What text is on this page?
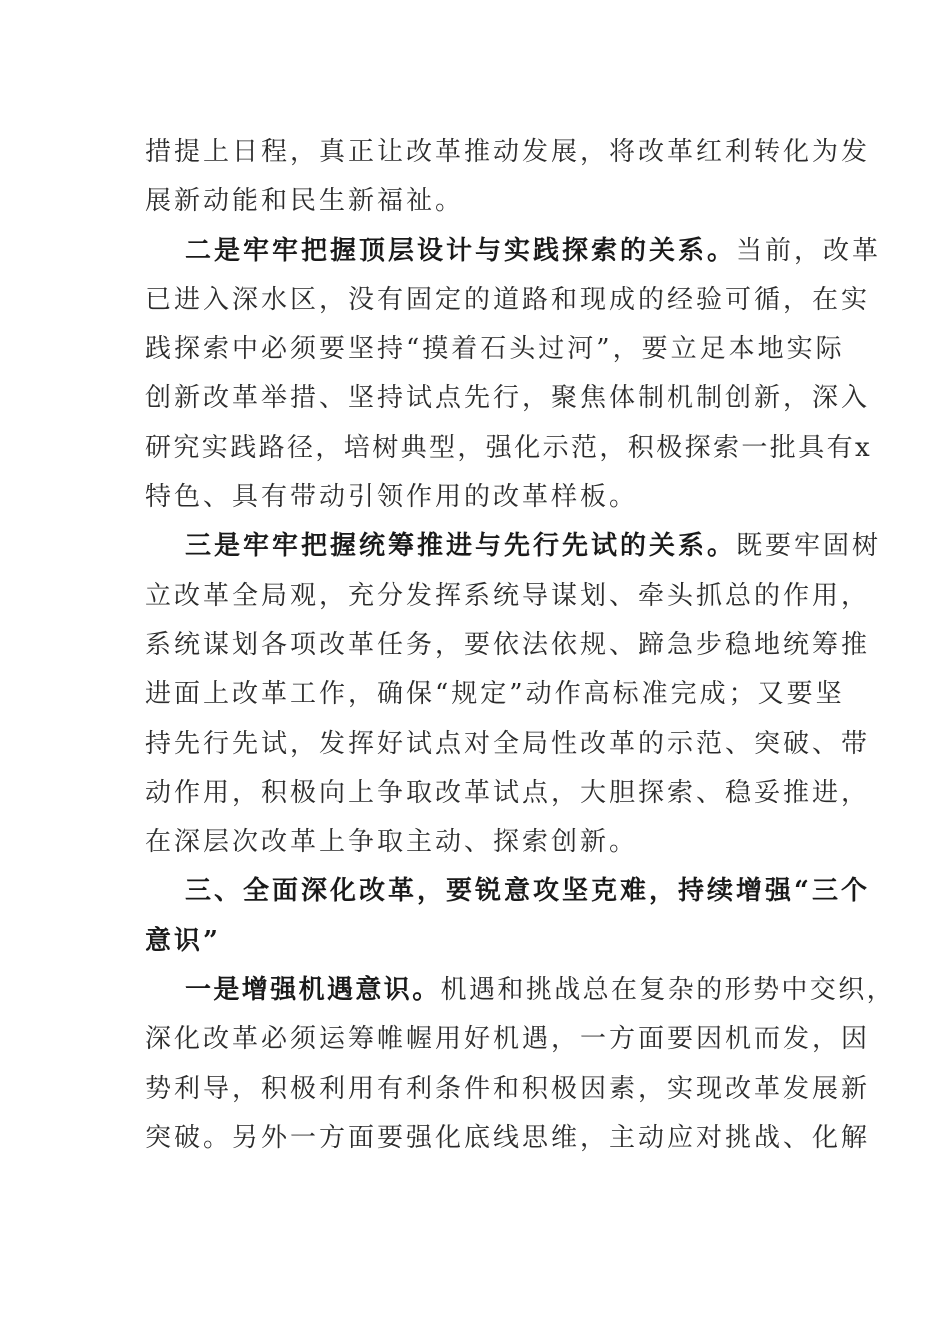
措提上日程，真正让改革推动发展，将改革红利转化为发
展新动能和民生新福祉。
二是牢牢把握顶层设计与实践探索的关系。当前，改革
已进入深水区，没有固定的道路和现成的经验可循，在实
践探索中必须要坚持“摸着石头过河”，要立足本地实际
创新改革举措、坚持试点先行，聚焦体制机制创新，深入
研究实践路径，培树典型，强化示范，积极探索一批具有x
特色、具有带动引领作用的改革样板。
三是牢牢把握统筹推进与先行先试的关系。既要牢固树
立改革全局观，充分发挥系统导谋划、牵头抓总的作用，
系统谋划各项改革任务，要依法依规、蹄急步稳地统筹推
进面上改革工作，确保“规定”动作高标准完成；又要坚
持先行先试，发挥好试点对全局性改革的示范、突破、带
动作用，积极向上争取改革试点，大胆探索、稳妥推进，
在深层次改革上争取主动、探索创新。
三、全面深化改革，要锐意攻坚克难，持续增强“三个
意识”
一是增强机遇意识。机遇和挑战总在复杂的形势中交织，
深化改革必须运筹帷幄用好机遇，一方面要因机而发，因
势利导，积极利用有利条件和积极因素，实现改革发展新
突破。另外一方面要强化底线思维，主动应对挑战、化解
